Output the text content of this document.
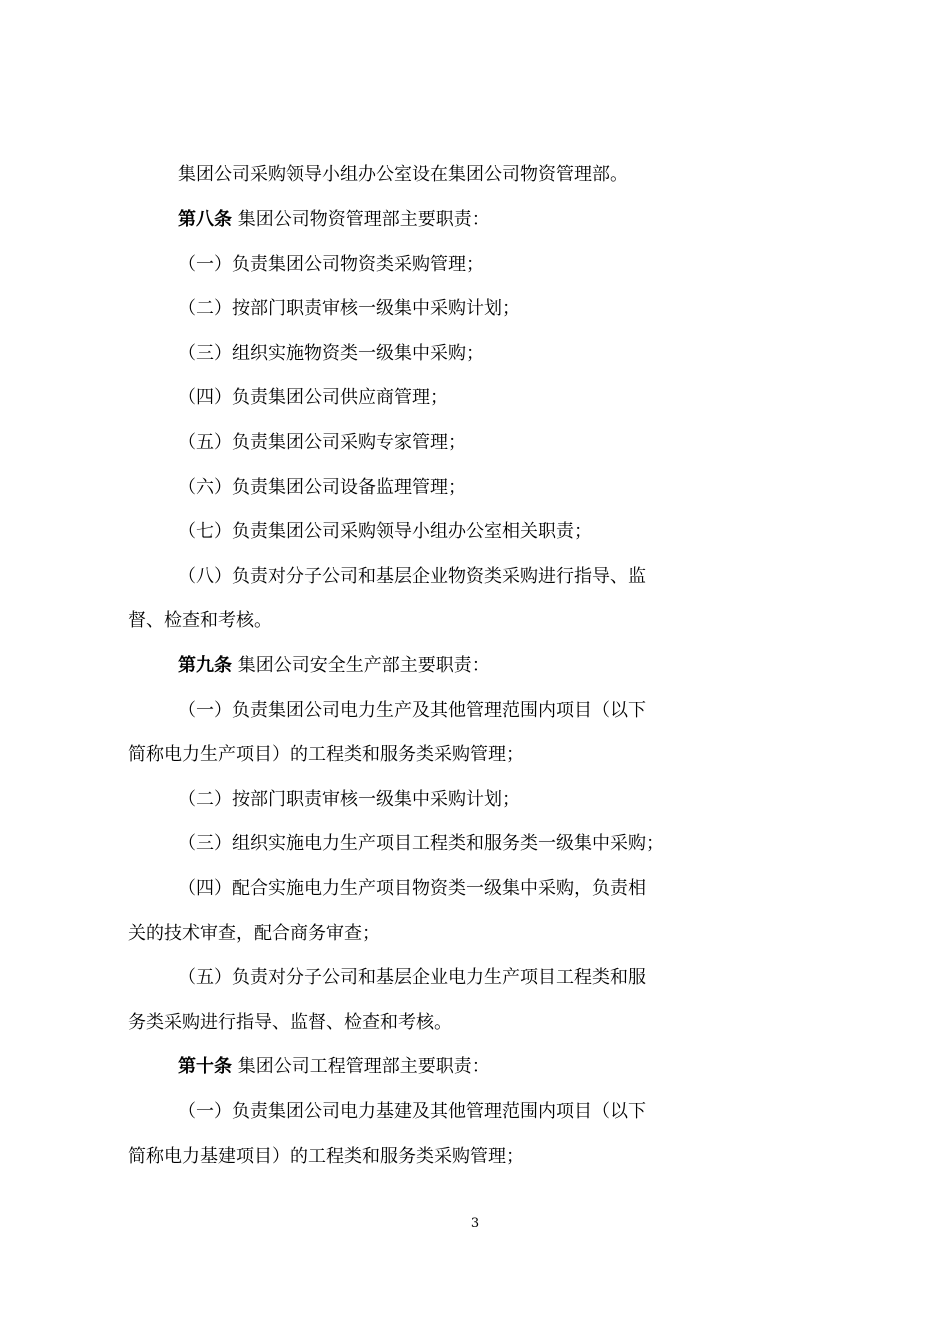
集团公司采购领导小组办公室设在集团公司物资管理部。
第八条 集团公司物资管理部主要职责：
（一）负责集团公司物资类采购管理；
（二）按部门职责审核一级集中采购计划；
（三）组织实施物资类一级集中采购；
（四）负责集团公司供应商管理；
（五）负责集团公司采购专家管理；
（六）负责集团公司设备监理管理；
（七）负责集团公司采购领导小组办公室相关职责；
（八）负责对分子公司和基层企业物资类采购进行指导、监
督、检查和考核。
第九条 集团公司安全生产部主要职责：
（一）负责集团公司电力生产及其他管理范围内项目（以下
简称电力生产项目）的工程类和服务类采购管理；
（二）按部门职责审核一级集中采购计划；
（三）组织实施电力生产项目工程类和服务类一级集中采购；
（四）配合实施电力生产项目物资类一级集中采购，负责相
关的技术审查，配合商务审查；
（五）负责对分子公司和基层企业电力生产项目工程类和服
务类采购进行指导、监督、检查和考核。
第十条 集团公司工程管理部主要职责：
（一）负责集团公司电力基建及其他管理范围内项目（以下
简称电力基建项目）的工程类和服务类采购管理；
3
